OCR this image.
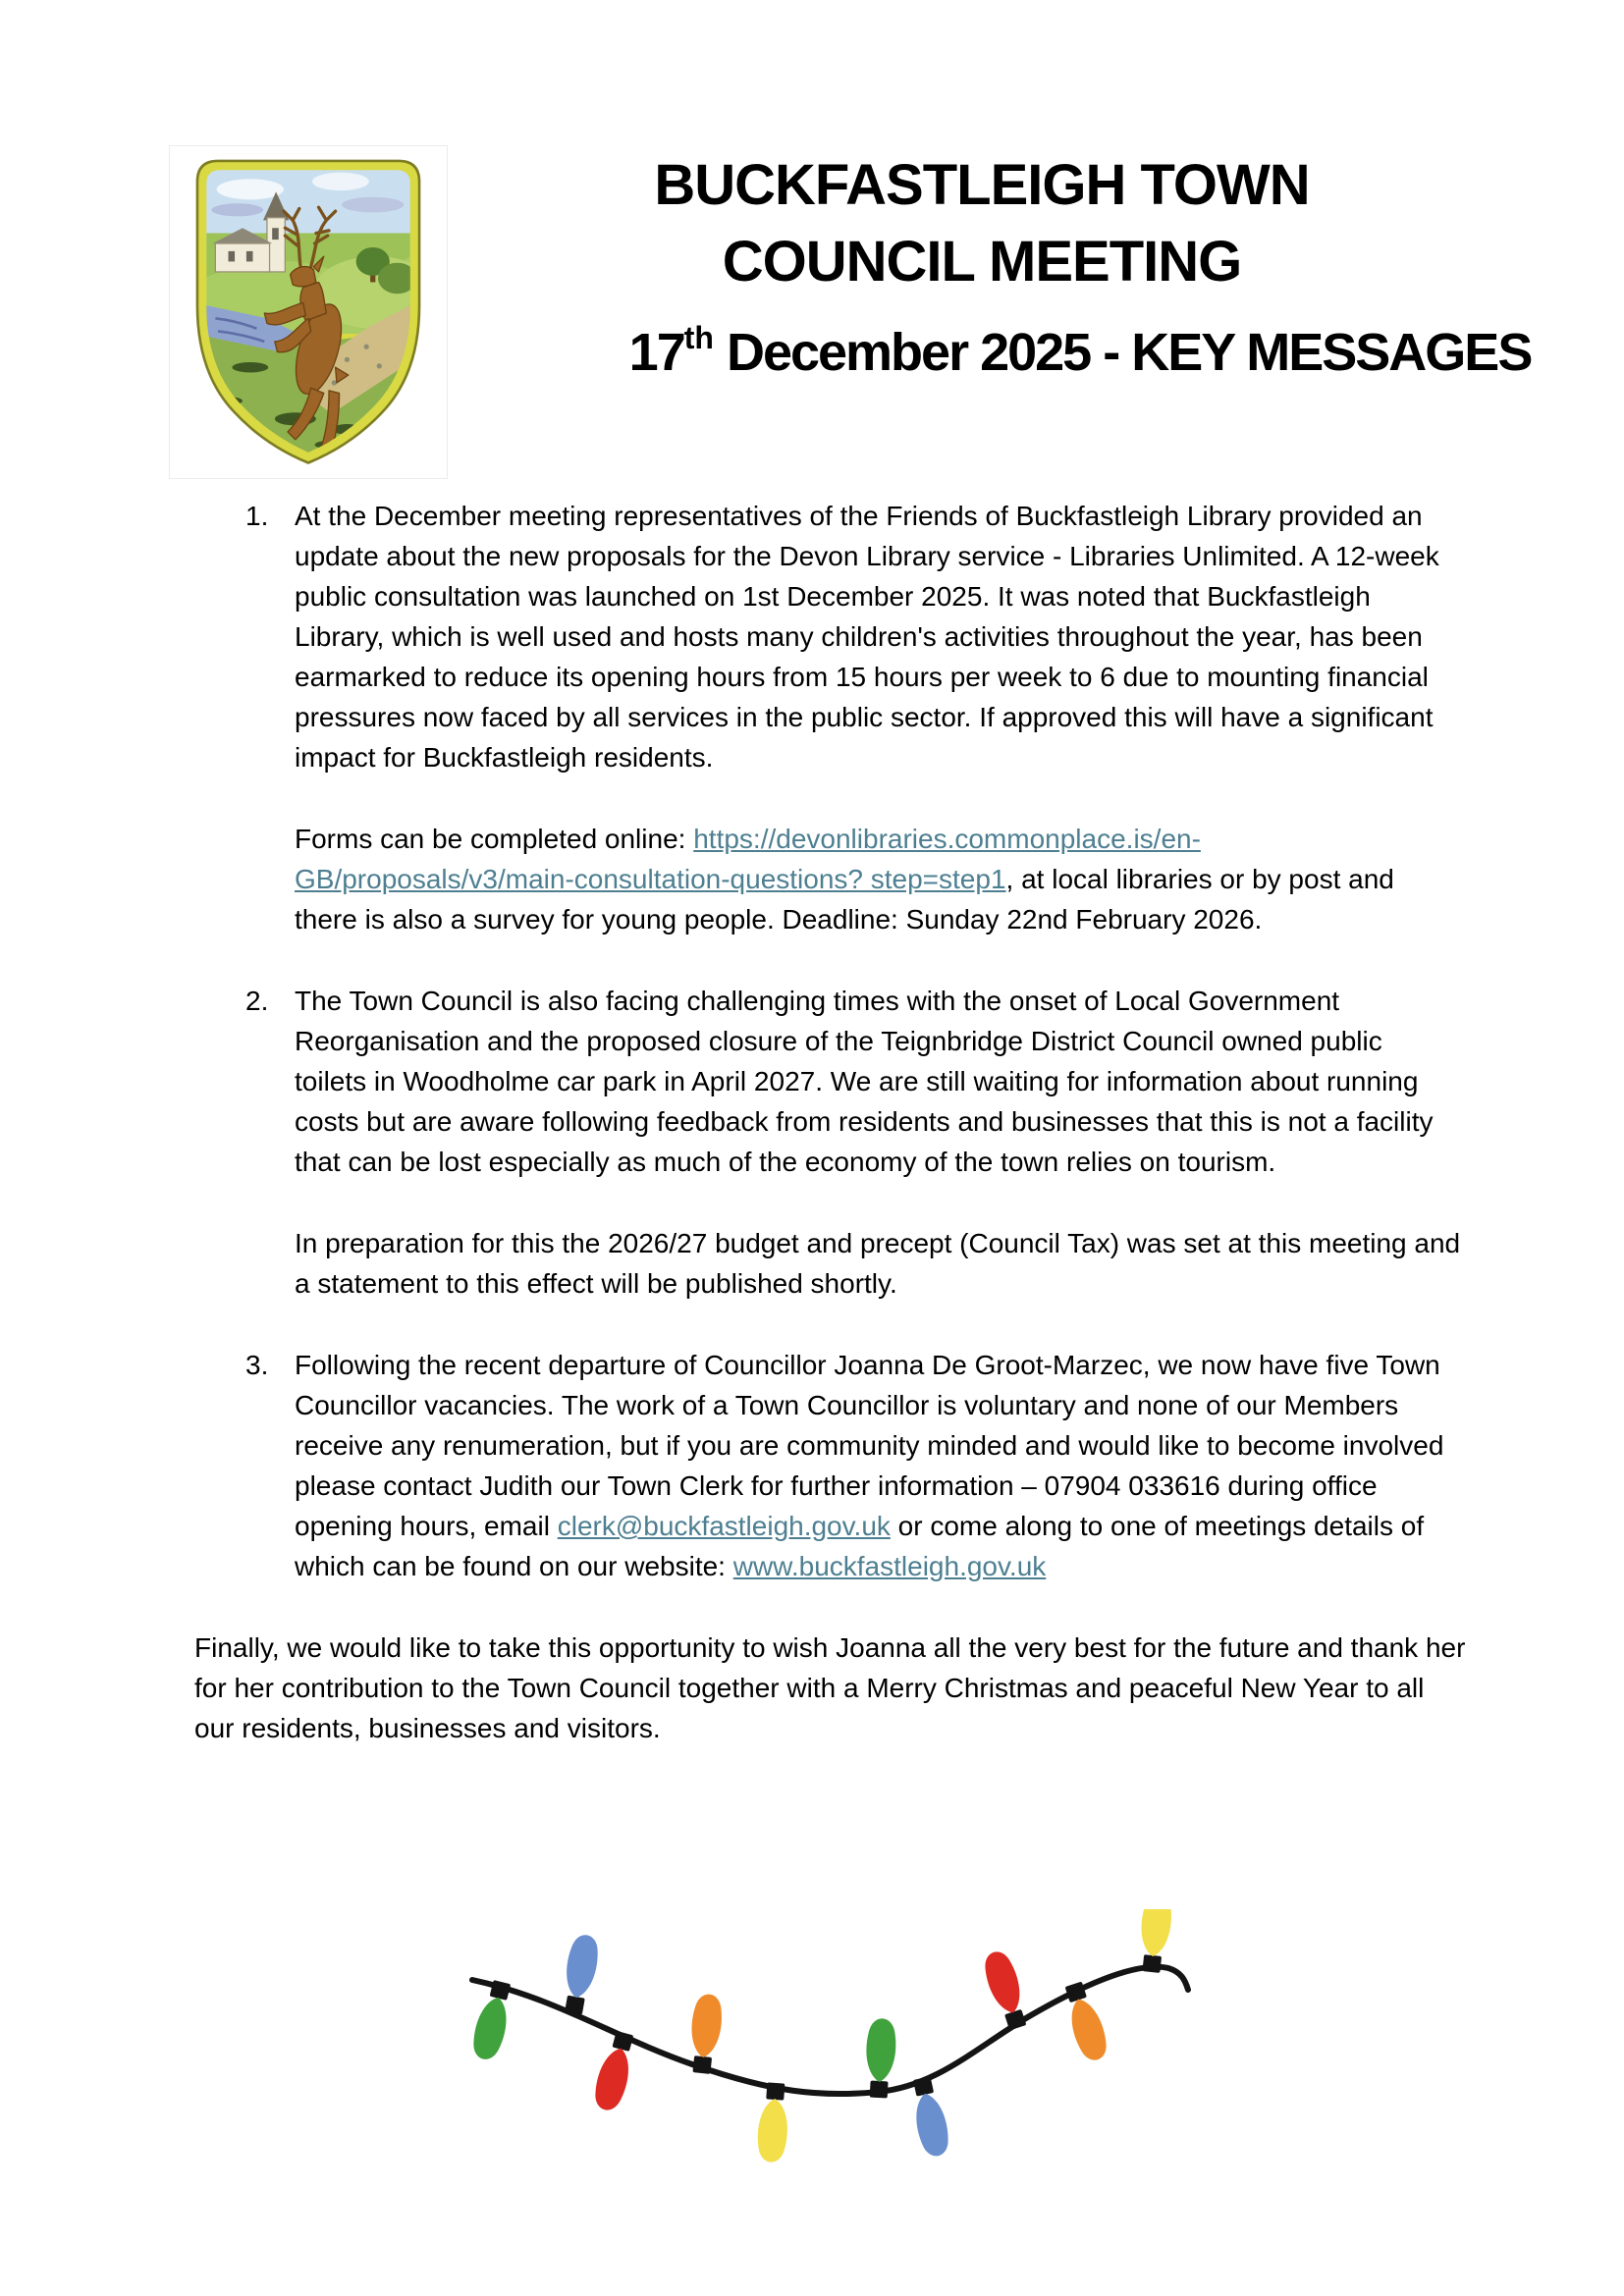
BUCKFASTLEIGH TOWN
COUNCIL MEETING
17th December 2025 - KEY MESSAGES
1. At the December meeting representatives of the Friends of Buckfastleigh Library provided an update about the new proposals for the Devon Library service - Libraries Unlimited. A 12-week public consultation was launched on 1st December 2025. It was noted that Buckfastleigh Library, which is well used and hosts many children's activities throughout the year, has been earmarked to reduce its opening hours from 15 hours per week to 6 due to mounting financial pressures now faced by all services in the public sector. If approved this will have a significant impact for Buckfastleigh residents.
Forms can be completed online: https://devonlibraries.commonplace.is/en-GB/proposals/v3/main-consultation-questions? step=step1, at local libraries or by post and there is also a survey for young people. Deadline: Sunday 22nd February 2026.
2. The Town Council is also facing challenging times with the onset of Local Government Reorganisation and the proposed closure of the Teignbridge District Council owned public toilets in Woodholme car park in April 2027. We are still waiting for information about running costs but are aware following feedback from residents and businesses that this is not a facility that can be lost especially as much of the economy of the town relies on tourism.
In preparation for this the 2026/27 budget and precept (Council Tax) was set at this meeting and a statement to this effect will be published shortly.
3. Following the recent departure of Councillor Joanna De Groot-Marzec, we now have five Town Councillor vacancies. The work of a Town Councillor is voluntary and none of our Members receive any renumeration, but if you are community minded and would like to become involved please contact Judith our Town Clerk for further information – 07904 033616 during office opening hours, email clerk@buckfastleigh.gov.uk or come along to one of meetings details of which can be found on our website: www.buckfastleigh.gov.uk
Finally, we would like to take this opportunity to wish Joanna all the very best for the future and thank her for her contribution to the Town Council together with a Merry Christmas and peaceful New Year to all our residents, businesses and visitors.
